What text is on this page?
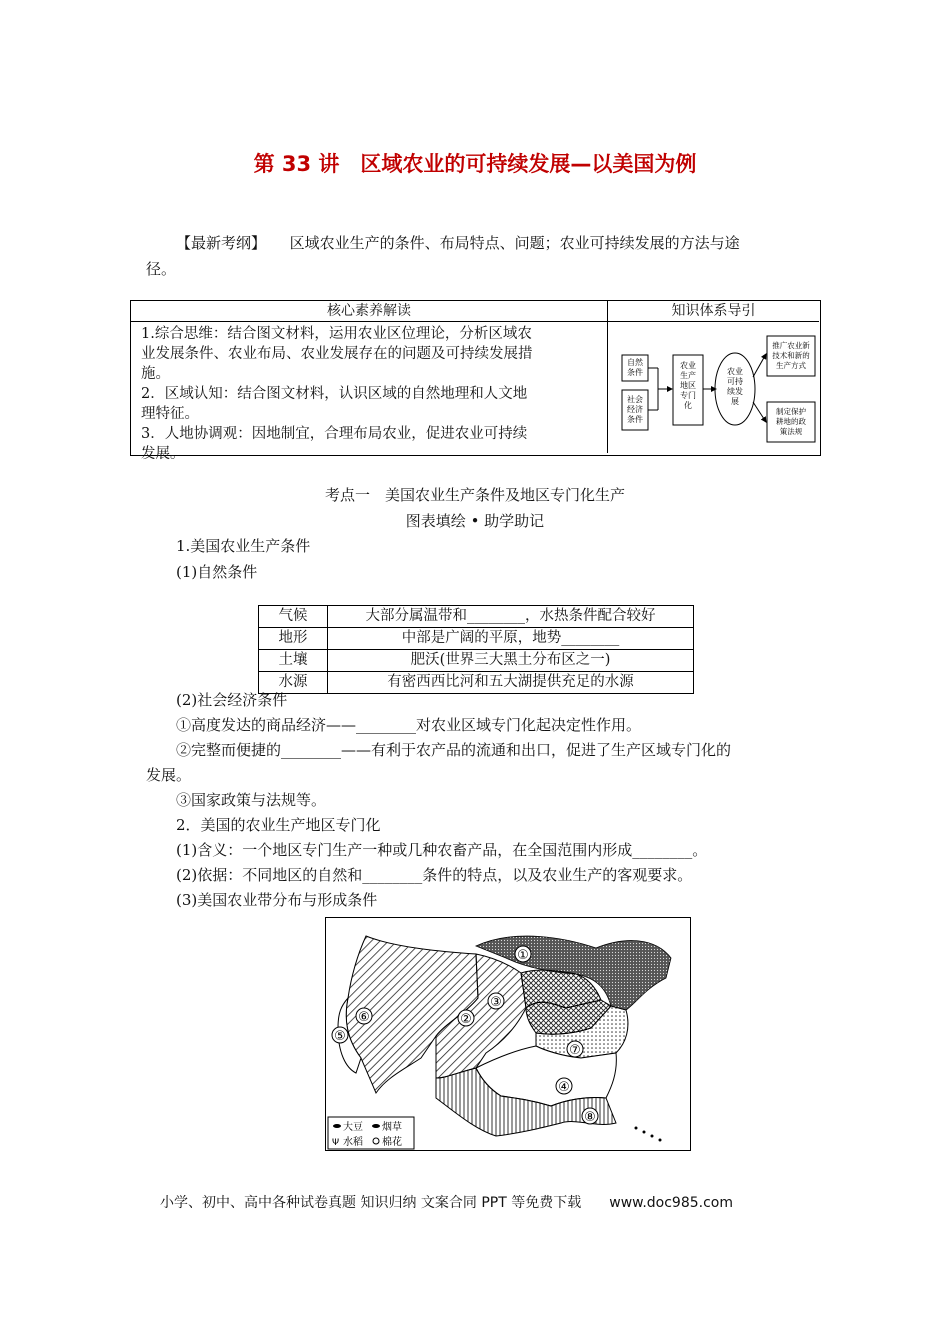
第 33 讲　区域农业的可持续发展—以美国为例
【最新考纲】 区域农业生产的条件、布局特点、问题；农业可持续发展的方法与途
径。
核心素养解读
1.综合思维：结合图文材料，运用农业区位理论，分析区域农
业发展条件、农业布局、农业发展存在的问题及可持续发展措
施。
2．区域认知：结合图文材料，认识区域的自然地理和人文地
理特征。
3．人地协调观：因地制宜，合理布局农业，促进农业可持续
发展。
知识体系导引
自然
条件
社会
经济
条件
农业
生产
地区
专门
化
农业
可持
续发
展
推广农业新
技术和新的
生产方式
制定保护
耕地的政
策法规
考点一　美国农业生产条件及地区专门化生产
图表填绘 • 助学助记
1.美国农业生产条件
(1)自然条件
气候	大部分属温带和________，水热条件配合较好
地形	中部是广阔的平原，地势________
土壤	肥沃(世界三大黑土分布区之一)
水源	有密西西比河和五大湖提供充足的水源
(2)社会经济条件
①高度发达的商品经济——________对农业区域专门化起决定性作用。
②完整而便捷的________——有利于农产品的流通和出口，促进了生产区域专门化的
发展。
③国家政策与法规等。
2．美国的农业生产地区专门化
(1)含义：一个地区专门生产一种或几种农畜产品，在全国范围内形成________。
(2)依据：不同地区的自然和________条件的特点，以及农业生产的客观要求。
(3)美国农业带分布与形成条件
①
②
③
④
⑤
⑥
⑦
⑧
大豆 烟草
Ψ 水稻 棉花
小学、初中、高中各种试卷真题 知识归纳 文案合同 PPT 等免费下载 www.doc985.com
